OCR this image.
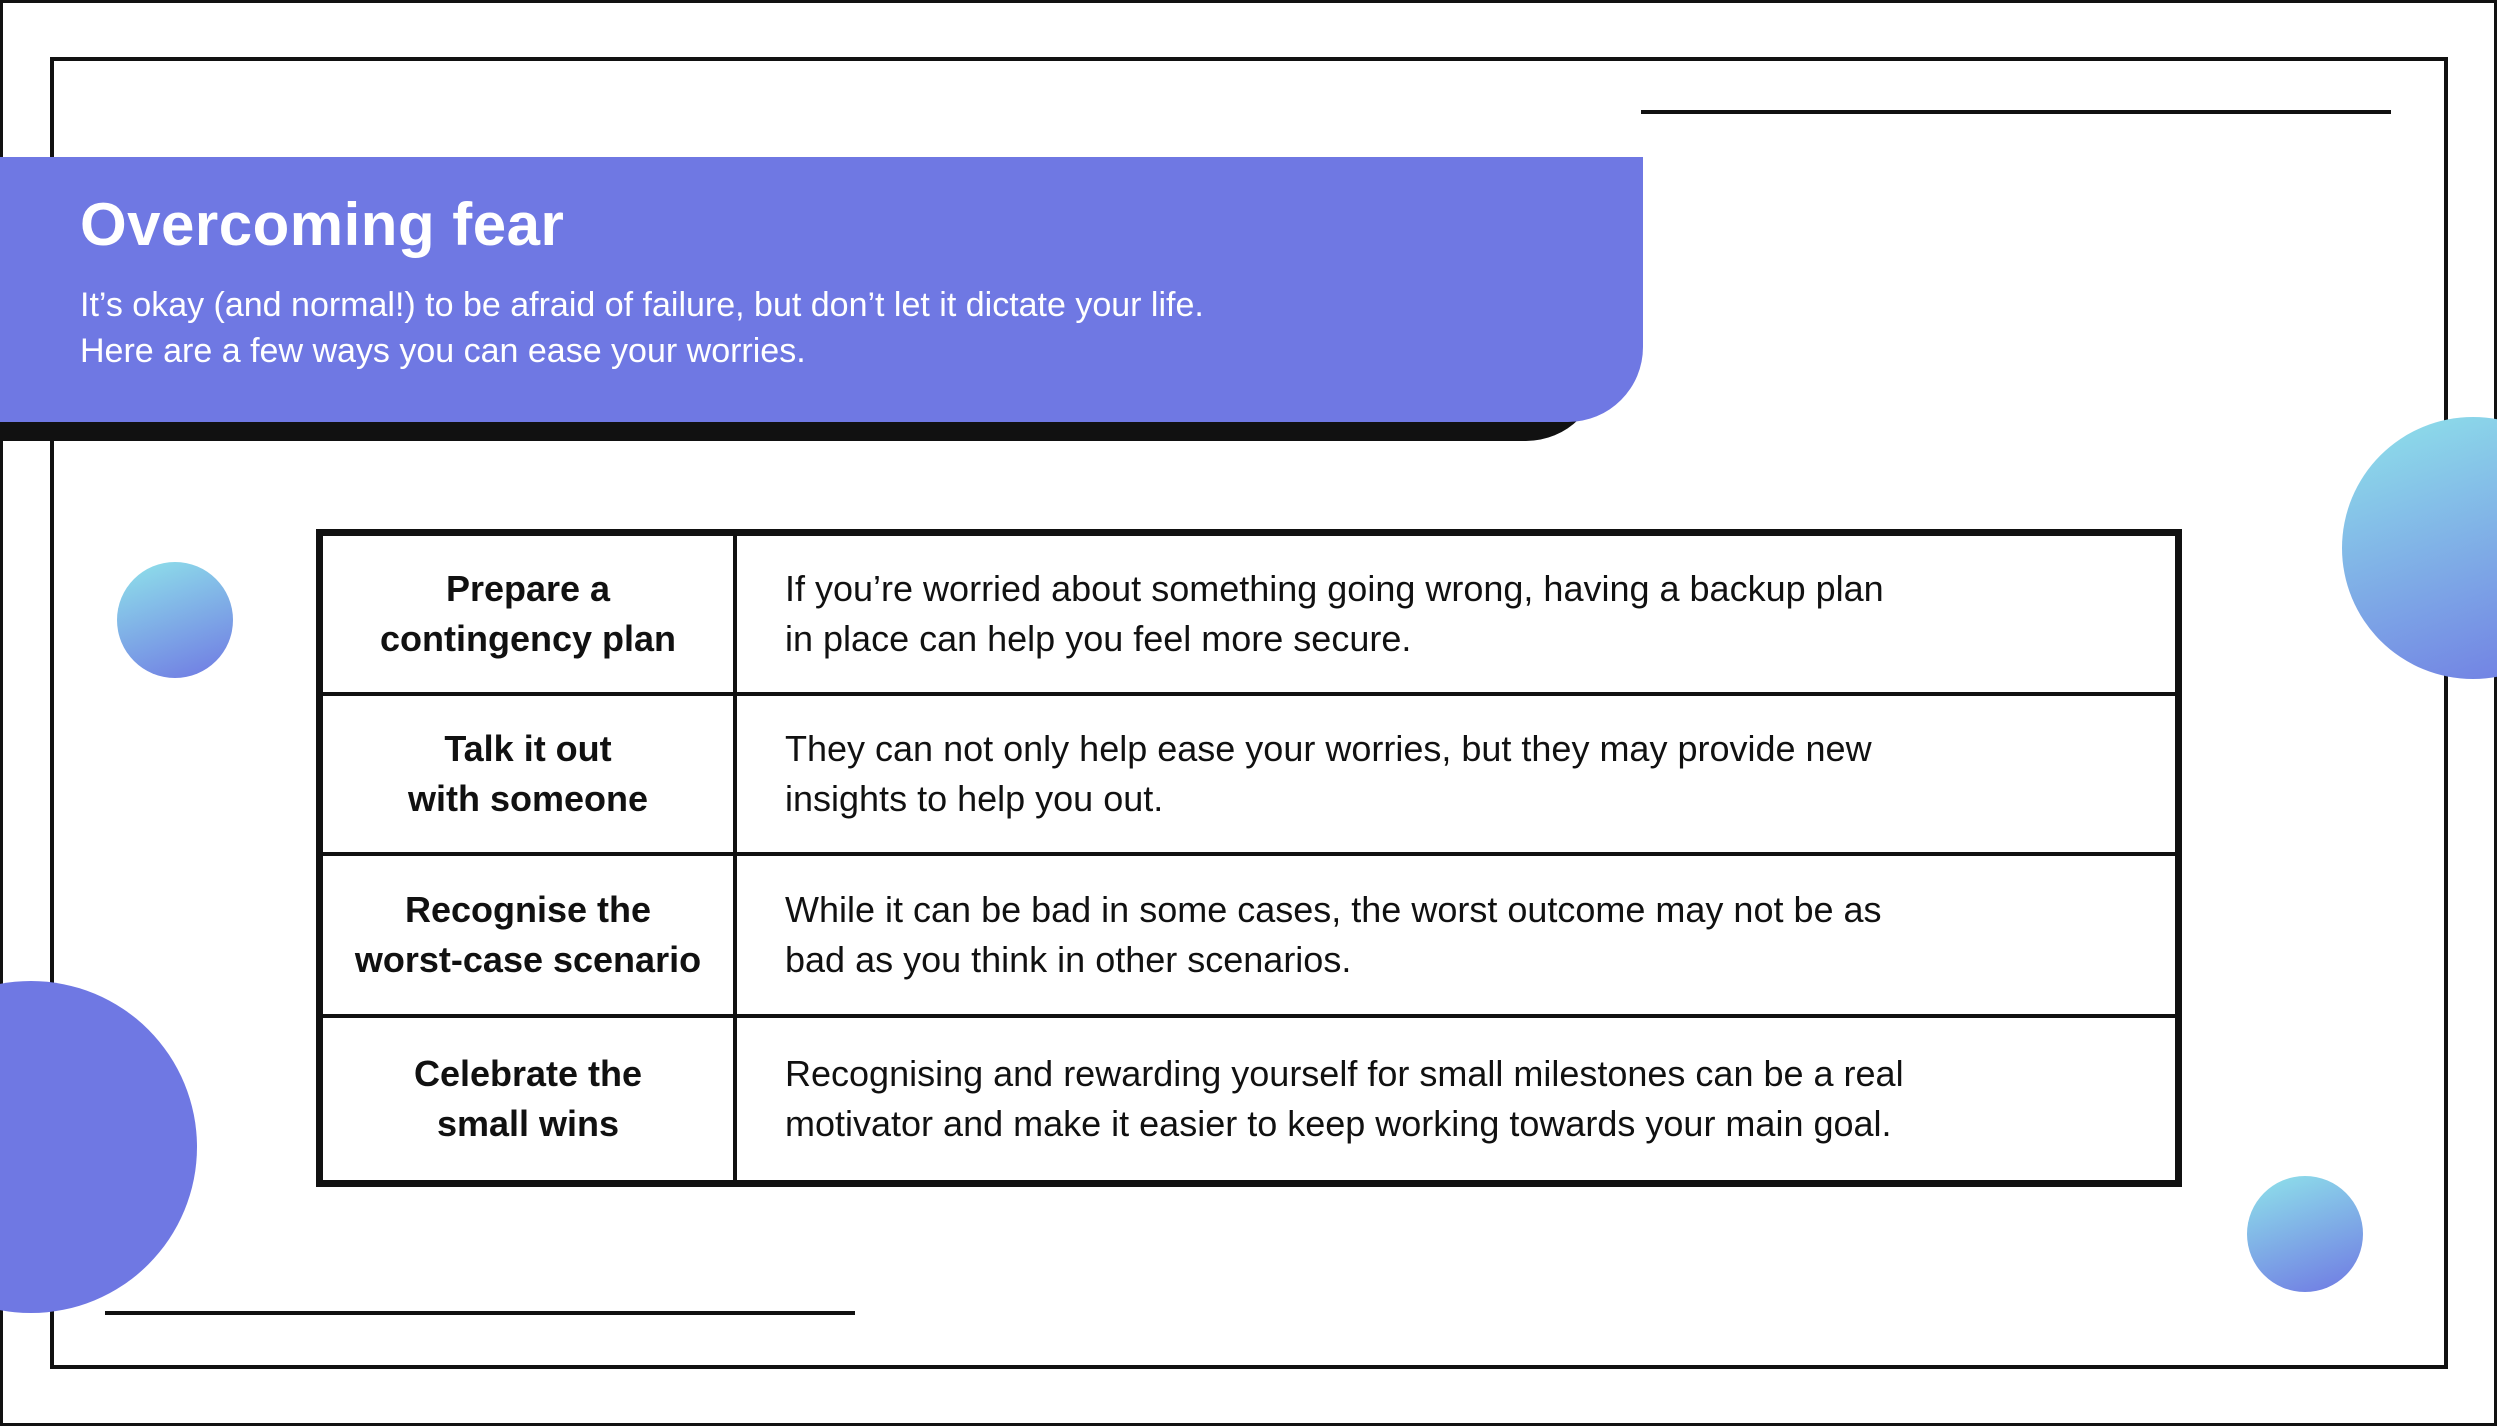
Overcoming fear

It’s okay (and normal!) to be afraid of failure, but don’t let it dictate your life.
Here are a few ways you can ease your worries.

Prepare a
contingency plan	If you’re worried about something going wrong, having a backup plan
in place can help you feel more secure.

Talk it out
with someone	They can not only help ease your worries, but they may provide new
insights to help you out.

Recognise the
worst-case scenario	While it can be bad in some cases, the worst outcome may not be as
bad as you think in other scenarios.

Celebrate the
small wins	Recognising and rewarding yourself for small milestones can be a real
motivator and make it easier to keep working towards your main goal.
